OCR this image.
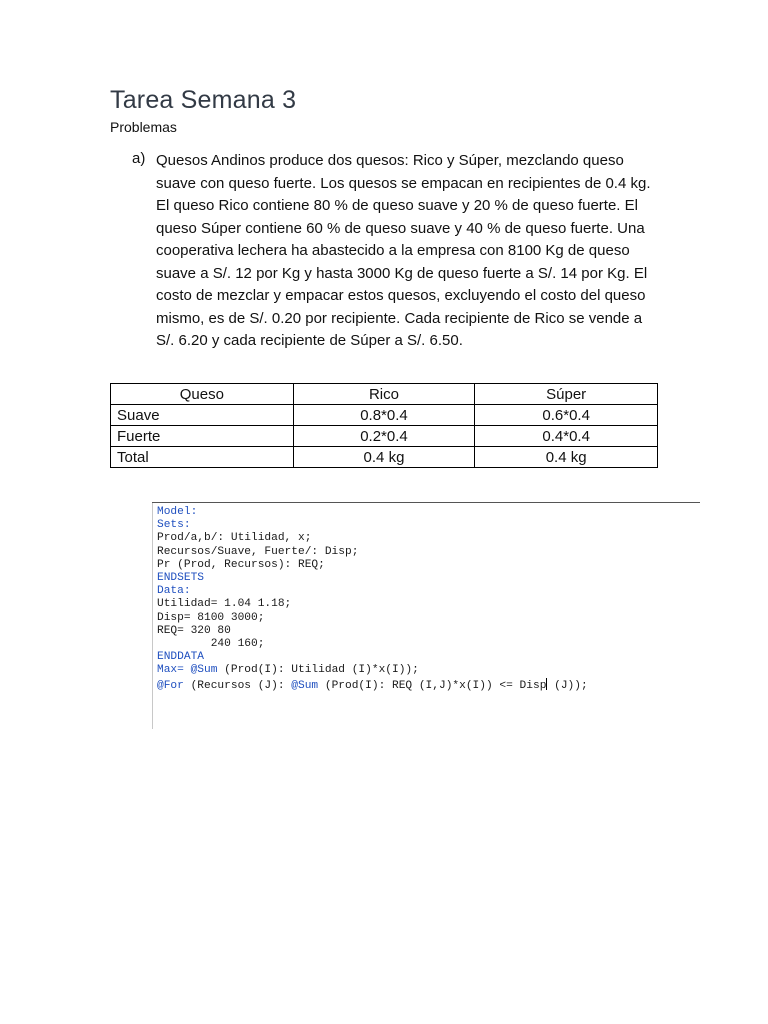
Tarea Semana 3
Problemas
a) Quesos Andinos produce dos quesos: Rico y Súper, mezclando queso suave con queso fuerte. Los quesos se empacan en recipientes de 0.4 kg. El queso Rico contiene 80 % de queso suave y 20 % de queso fuerte. El queso Súper contiene 60 % de queso suave y 40 % de queso fuerte. Una cooperativa lechera ha abastecido a la empresa con 8100 Kg de queso suave a S/. 12 por Kg y hasta 3000 Kg de queso fuerte a S/. 14 por Kg. El costo de mezclar y empacar estos quesos, excluyendo el costo del queso mismo, es de S/. 0.20 por recipiente. Cada recipiente de Rico se vende a S/. 6.20 y cada recipiente de Súper a S/. 6.50.
Queso	Rico	Súper
Suave	0.8*0.4	0.6*0.4
Fuerte	0.2*0.4	0.4*0.4
Total	0.4 kg	0.4 kg
Model:
Sets:
Prod/a,b/: Utilidad, x;
Recursos/Suave, Fuerte/: Disp;
Pr (Prod, Recursos): REQ;
ENDSETS
Data:
Utilidad= 1.04 1.18;
Disp= 8100 3000;
REQ= 320 80
240 160;
ENDDATA
Max= @Sum (Prod(I): Utilidad (I)*x(I));
@For (Recursos (J): @Sum (Prod(I): REQ (I,J)*x(I)) <= Disp (J));
